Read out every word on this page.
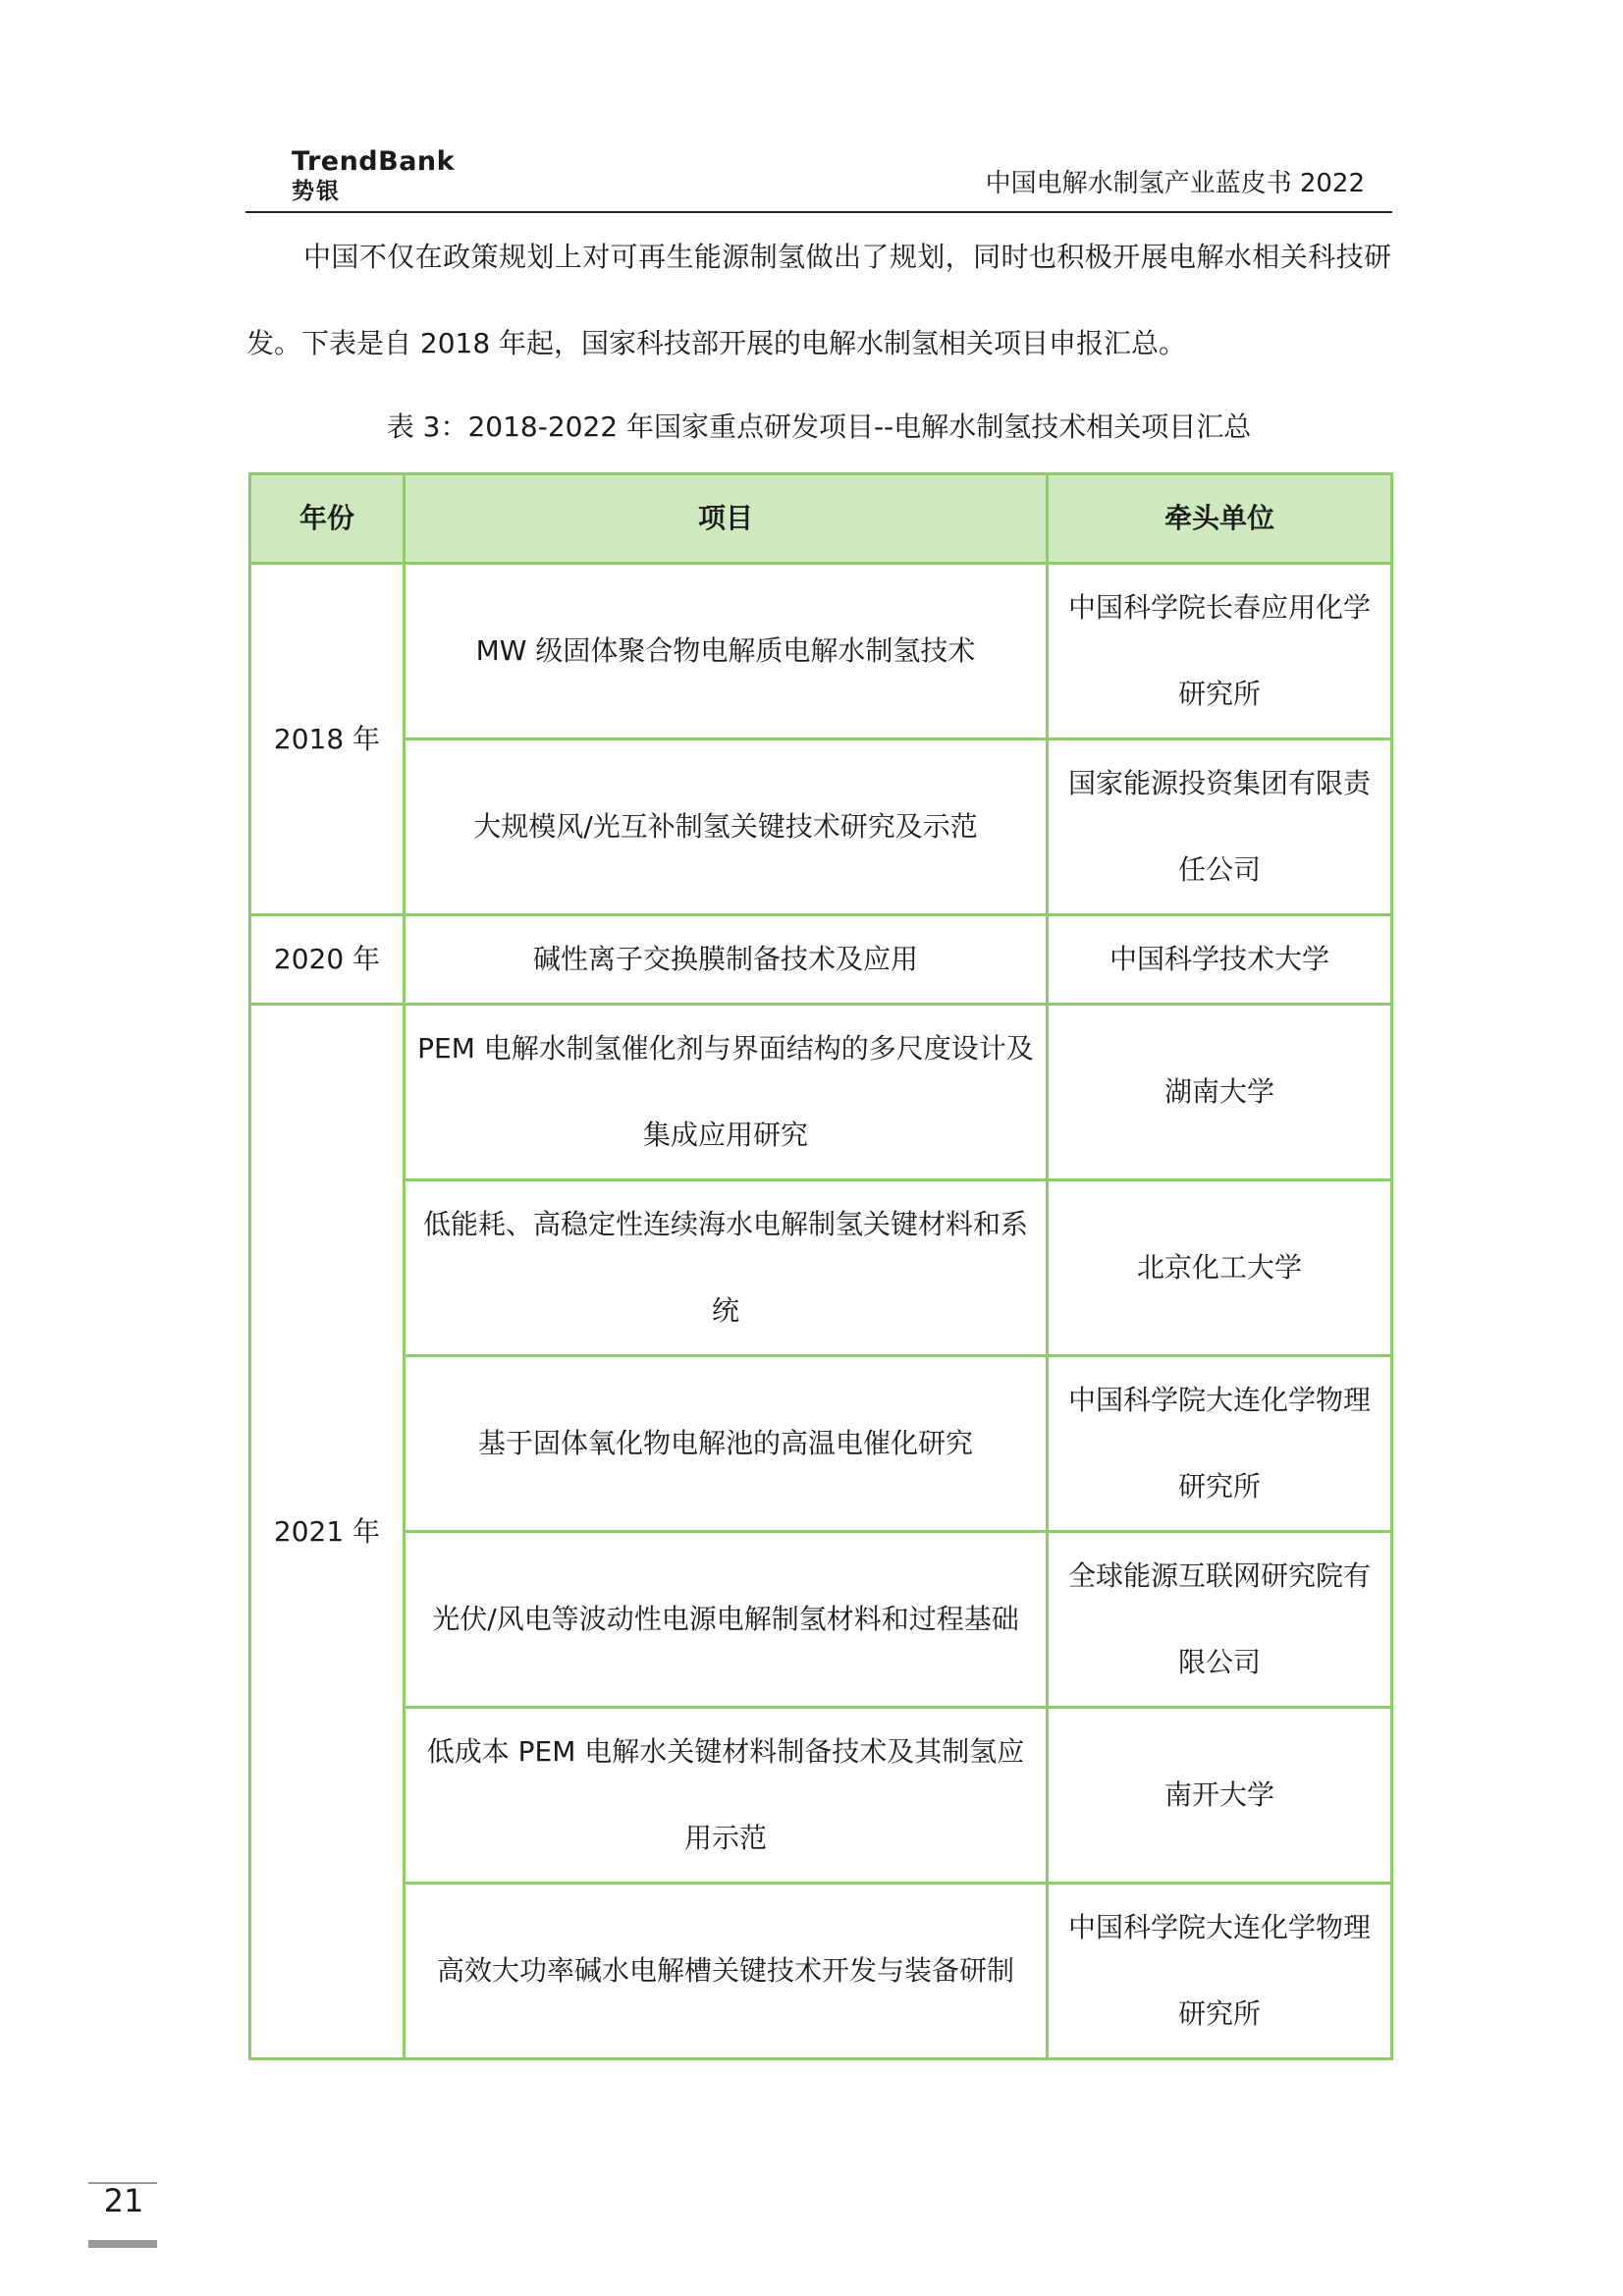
TrendBank
势银	中国电解水制氢产业蓝皮书 2022
中国不仅在政策规划上对可再生能源制氢做出了规划，同时也积极开展电解水相关科技研发。下表是自 2018 年起，国家科技部开展的电解水制氢相关项目申报汇总。
表 3：2018-2022 年国家重点研发项目--电解水制氢技术相关项目汇总
年份	项目	牵头单位
2018 年	MW 级固体聚合物电解质电解水制氢技术	中国科学院长春应用化学研究所
	大规模风/光互补制氢关键技术研究及示范	国家能源投资集团有限责任公司
2020 年	碱性离子交换膜制备技术及应用	中国科学技术大学
2021 年	PEM 电解水制氢催化剂与界面结构的多尺度设计及集成应用研究	湖南大学
	低能耗、高稳定性连续海水电解制氢关键材料和系统	北京化工大学
	基于固体氧化物电解池的高温电催化研究	中国科学院大连化学物理研究所
	光伏/风电等波动性电源电解制氢材料和过程基础	全球能源互联网研究院有限公司
	低成本 PEM 电解水关键材料制备技术及其制氢应用示范	南开大学
	高效大功率碱水电解槽关键技术开发与装备研制	中国科学院大连化学物理研究所
21
